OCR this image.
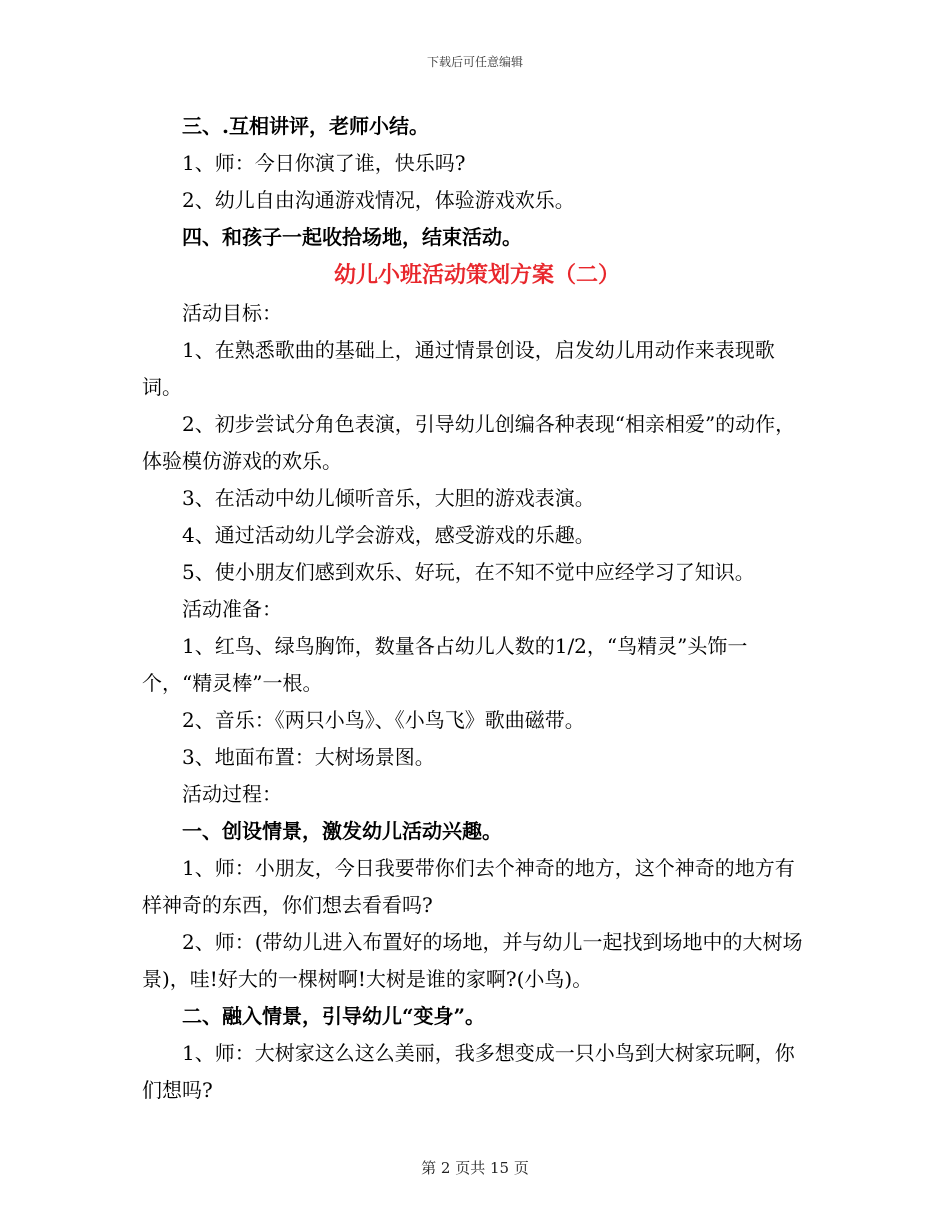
下载后可任意编辑

三、.互相讲评，老师小结。

1、师：今日你演了谁，快乐吗?

2、幼儿自由沟通游戏情况，体验游戏欢乐。

四、和孩子一起收拾场地，结束活动。

幼儿小班活动策划方案（二）

活动目标：

1、在熟悉歌曲的基础上，通过情景创设，启发幼儿用动作来表现歌词。

2、初步尝试分角色表演，引导幼儿创编各种表现“相亲相爱”的动作，体验模仿游戏的欢乐。

3、在活动中幼儿倾听音乐，大胆的游戏表演。

4、通过活动幼儿学会游戏，感受游戏的乐趣。

5、使小朋友们感到欢乐、好玩，在不知不觉中应经学习了知识。

活动准备：

1、红鸟、绿鸟胸饰，数量各占幼儿人数的1/2，“鸟精灵”头饰一个，“精灵棒”一根。

2、音乐：《两只小鸟》、《小鸟飞》歌曲磁带。

3、地面布置：大树场景图。

活动过程：

一、创设情景，激发幼儿活动兴趣。

1、师：小朋友，今日我要带你们去个神奇的地方，这个神奇的地方有样神奇的东西，你们想去看看吗?

2、师：(带幼儿进入布置好的场地，并与幼儿一起找到场地中的大树场景)，哇!好大的一棵树啊!大树是谁的家啊?(小鸟)。

二、融入情景，引导幼儿“变身”。

1、师：大树家这么这么美丽，我多想变成一只小鸟到大树家玩啊，你们想吗?

第 2 页共 15 页
